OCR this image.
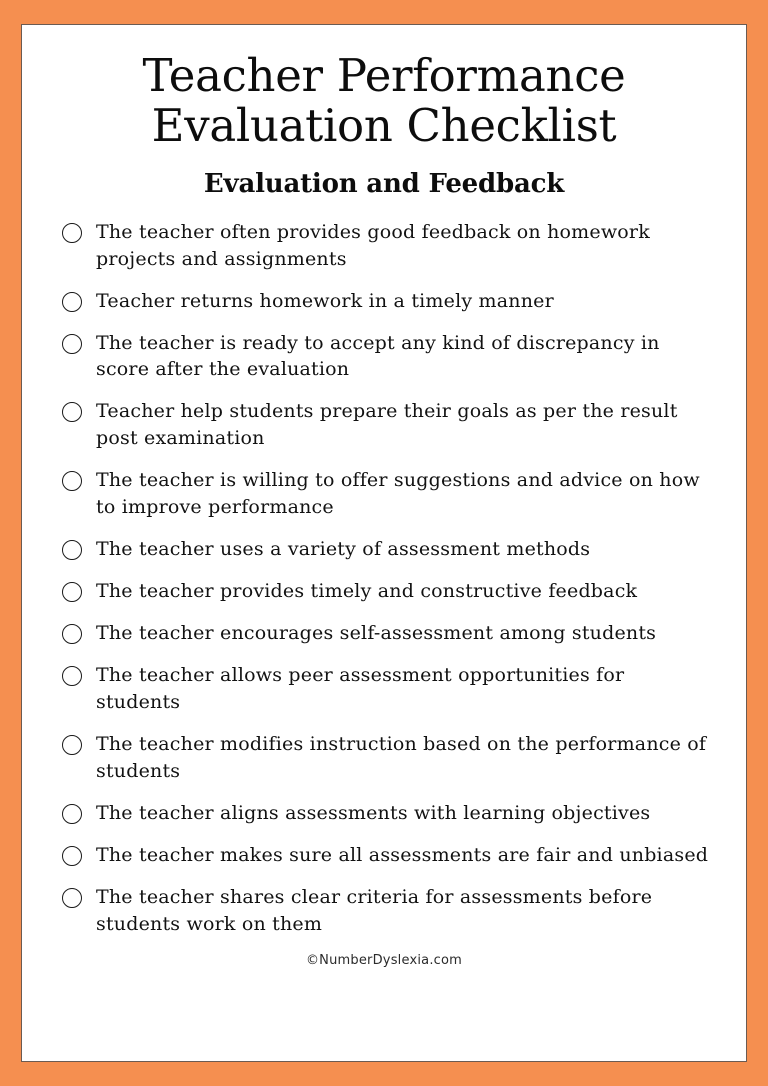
Teacher Performance
Evaluation Checklist
Evaluation and Feedback
The teacher often provides good feedback on homework projects and assignments
Teacher returns homework in a timely manner
The teacher is ready to accept any kind of discrepancy in score after the evaluation
Teacher help students prepare their goals as per the result post examination
The teacher is willing to offer suggestions and advice on how to improve performance
The teacher uses a variety of assessment methods
The teacher provides timely and constructive feedback
The teacher encourages self-assessment among students
The teacher allows peer assessment opportunities for students
The teacher modifies instruction based on the performance of students
The teacher aligns assessments with learning objectives
The teacher makes sure all assessments are fair and unbiased
The teacher shares clear criteria for assessments before students work on them
©NumberDyslexia.com
